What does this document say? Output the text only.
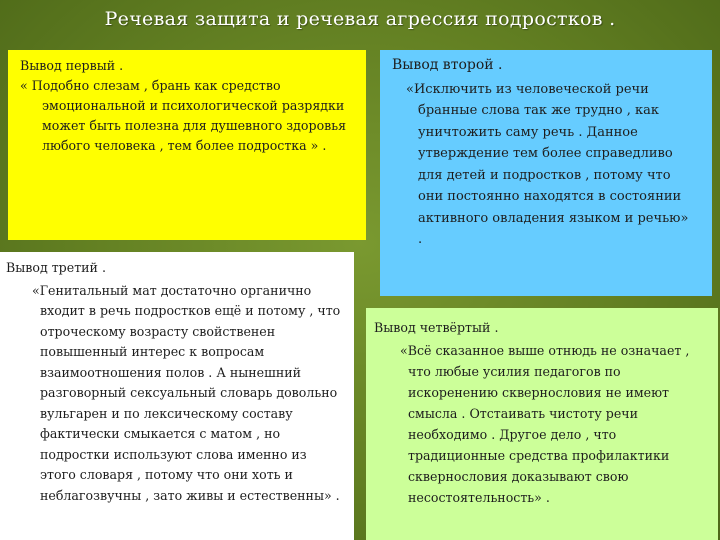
Речевая защита и речевая агрессия подростков .
Вывод первый .
« Подобно слезам , брань как средство эмоциональной и психологической разрядки может быть полезна для душевного здоровья любого человека , тем более подростка » .
Вывод второй .
«Исключить из человеческой речи бранные слова так же трудно , как уничтожить саму речь . Данное утверждение тем более справедливо для детей и подростков , потому что они постоянно находятся в состоянии активного овладения языком и речью» .
Вывод третий .
«Генитальный мат достаточно органично входит в речь подростков ещё и потому , что отроческому возрасту свойственен повышенный интерес к вопросам взаимоотношения полов . А нынешний разговорный сексуальный словарь довольно вульгарен и по лексическому составу фактически смыкается с матом , но подростки используют слова именно из этого словаря , потому что они хоть и неблагозвучны , зато живы и естественны» .
Вывод четвёртый .
«Всё сказанное выше отнюдь не означает , что любые усилия педагогов по искоренению сквернословия не имеют смысла . Отстаивать чистоту речи необходимо . Другое дело , что традиционные средства профилактики сквернословия доказывают свою несостоятельность» .
